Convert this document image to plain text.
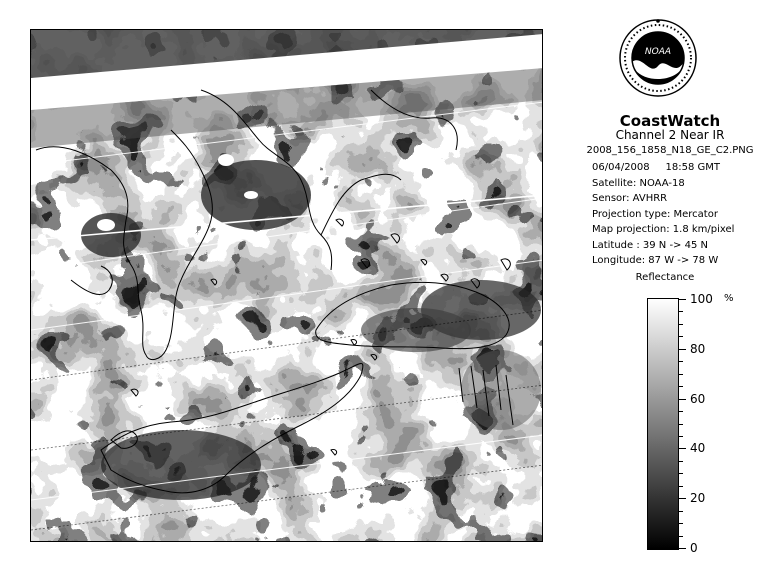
NOAA
CoastWatch
Channel 2 Near IR
2008_156_1858_N18_GE_C2.PNG
06/04/2008 18:58 GMT
Satellite: NOAA-18
Sensor: AVHRR
Projection type: Mercator
Map projection: 1.8 km/pixel
Latitude : 39 N -> 45 N
Longitude: 87 W -> 78 W
Reflectance
%
100
80
60
40
20
0
